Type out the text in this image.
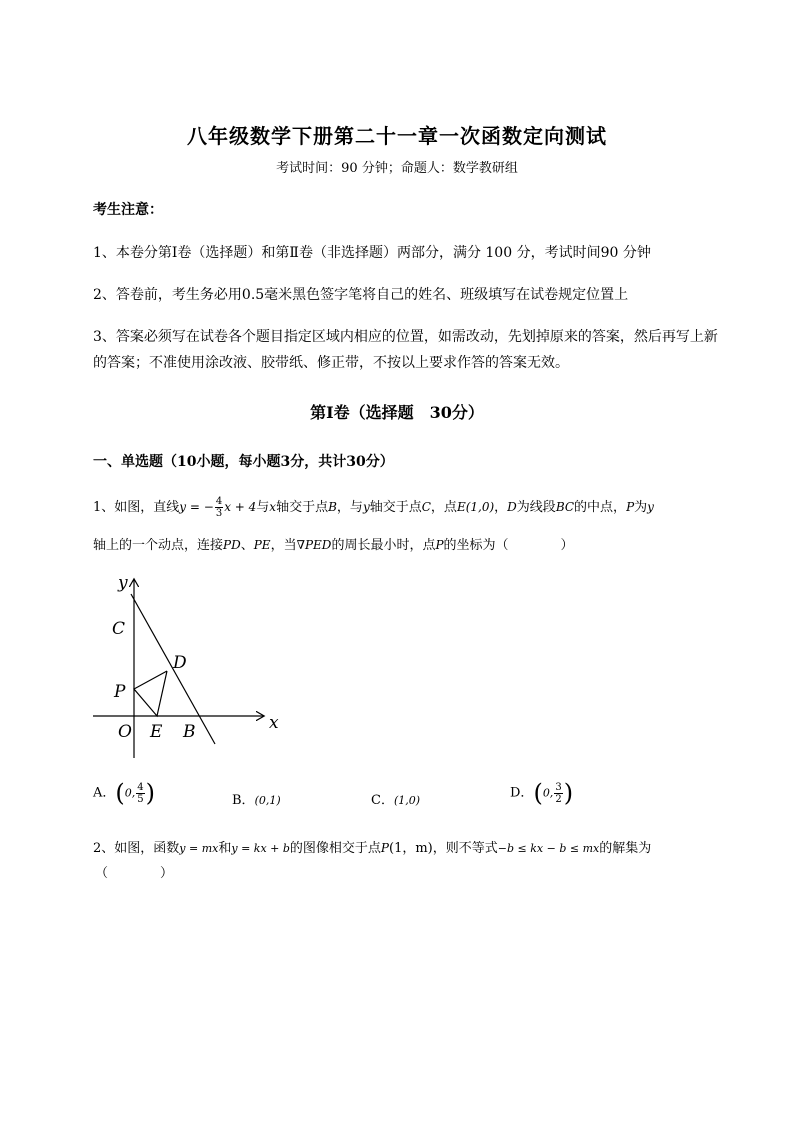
八年级数学下册第二十一章一次函数定向测试
考试时间：90 分钟；命题人：数学教研组
考生注意：
1、本卷分第Ⅰ卷（选择题）和第Ⅱ卷（非选择题）两部分，满分 100 分，考试时间90 分钟
2、答卷前，考生务必用0.5毫米黑色签字笔将自己的姓名、班级填写在试卷规定位置上
3、答案必须写在试卷各个题目指定区域内相应的位置，如需改动，先划掉原来的答案，然后再写上新
的答案；不准使用涂改液、胶带纸、修正带，不按以上要求作答的答案无效。
第Ⅰ卷（选择题　30分）
一、单选题（10小题，每小题3分，共计30分）
1、如图，直线y = − $\frac{4}{3}$ x + 4与x轴交于点B，与y轴交于点C，点E(1,0)，D为线段BC的中点，P为y
轴上的一个动点，连接PD、PE，当∇PED的周长最小时，点P的坐标为（　　　　）
y
x
C
D
P
O E B
A．(0, $\frac{4}{5}$ )	B．(0,1)	C．(1,0)	D．(0, $\frac{3}{2}$ )
2、如图，函数y = mx和y = kx + b的图像相交于点P(1，m)，则不等式−b ≤ kx − b ≤ mx的解集为
（　　　　）
